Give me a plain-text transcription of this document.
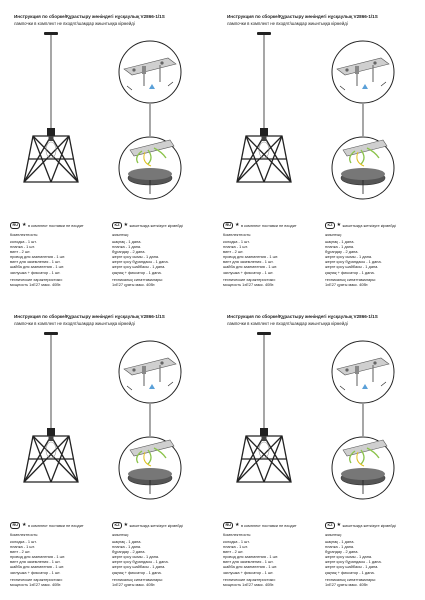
Инструкция по сборке/Құрастыру жөніндегі нұсқаулық V2866-1/1S
лампочки в комплект не входят/шамдар жиынтыққа кірмейді
RU ★ в комплект поставки не входит	KZ ★ жиынтыққа жеткізуге кірмейді
Комплектность:
колодка - 1 шт.
планка - 1 шт.
винт - 2 шт.
провод для заземления - 1 шт.
винт для заземления - 1 шт.
шайба для заземления - 1 шт.
заглушка + фиксатор - 1 шт.
технические характеристики:
мощность 1хE27 макс. 40Вт.
жиынтық:
шақпақ - 1 дана.
планка - 1 дана.
бұрандау - 2 дана.
жерге қосу сымы - 1 дана.
жерге қосу бұрандасы - 1 дана.
жерге қосу шайбасы - 1 дана.
қақпақ + фиксатор - 1 дана.
техникалық сипаттамалары:
1хE27 қуаты макс. 40Вт.
Инструкция по сборке/Құрастыру жөніндегі нұсқаулық V2866-1/1S
лампочки в комплект не входят/шамдар жиынтыққа кірмейді
RU ★ в комплект поставки не входит	KZ ★ жиынтыққа жеткізуге кірмейді
Комплектность:
колодка - 1 шт.
планка - 1 шт.
винт - 2 шт.
провод для заземления - 1 шт.
винт для заземления - 1 шт.
шайба для заземления - 1 шт.
заглушка + фиксатор - 1 шт.
технические характеристики:
мощность 1хE27 макс. 40Вт.
жиынтық:
шақпақ - 1 дана.
планка - 1 дана.
бұрандау - 2 дана.
жерге қосу сымы - 1 дана.
жерге қосу бұрандасы - 1 дана.
жерге қосу шайбасы - 1 дана.
қақпақ + фиксатор - 1 дана.
техникалық сипаттамалары:
1хE27 қуаты макс. 40Вт.
Инструкция по сборке/Құрастыру жөніндегі нұсқаулық V2866-1/1S
лампочки в комплект не входят/шамдар жиынтыққа кірмейді
RU ★ в комплект поставки не входит	KZ ★ жиынтыққа жеткізуге кірмейді
Комплектность:
колодка - 1 шт.
планка - 1 шт.
винт - 2 шт.
провод для заземления - 1 шт.
винт для заземления - 1 шт.
шайба для заземления - 1 шт.
заглушка + фиксатор - 1 шт.
технические характеристики:
мощность 1хE27 макс. 40Вт.
жиынтық:
шақпақ - 1 дана.
планка - 1 дана.
бұрандау - 2 дана.
жерге қосу сымы - 1 дана.
жерге қосу бұрандасы - 1 дана.
жерге қосу шайбасы - 1 дана.
қақпақ + фиксатор - 1 дана.
техникалық сипаттамалары:
1хE27 қуаты макс. 40Вт.
Инструкция по сборке/Құрастыру жөніндегі нұсқаулық V2866-1/1S
лампочки в комплект не входят/шамдар жиынтыққа кірмейді
RU ★ в комплект поставки не входит	KZ ★ жиынтыққа жеткізуге кірмейді
Комплектность:
колодка - 1 шт.
планка - 1 шт.
винт - 2 шт.
провод для заземления - 1 шт.
винт для заземления - 1 шт.
шайба для заземления - 1 шт.
заглушка + фиксатор - 1 шт.
технические характеристики:
мощность 1хE27 макс. 40Вт.
жиынтық:
шақпақ - 1 дана.
планка - 1 дана.
бұрандау - 2 дана.
жерге қосу сымы - 1 дана.
жерге қосу бұрандасы - 1 дана.
жерге қосу шайбасы - 1 дана.
қақпақ + фиксатор - 1 дана.
техникалық сипаттамалары:
1хE27 қуаты макс. 40Вт.
